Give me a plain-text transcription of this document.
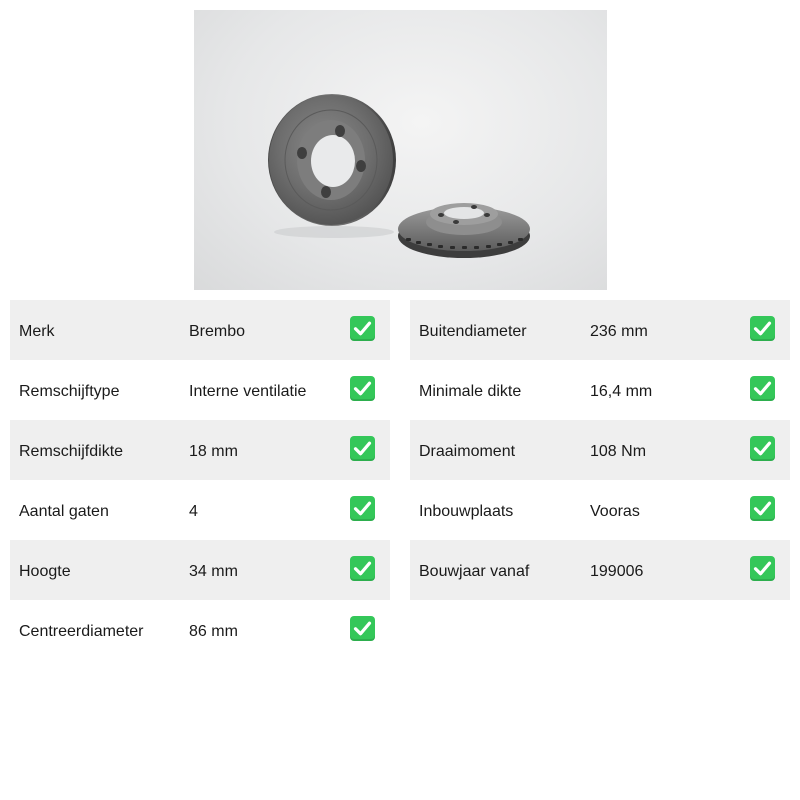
Merk	Brembo
Remschijftype	Interne ventilatie
Remschijfdikte	18 mm
Aantal gaten	4
Hoogte	34 mm
Centreerdiameter	86 mm
Buitendiameter	236 mm
Minimale dikte	16,4 mm
Draaimoment	108 Nm
Inbouwplaats	Vooras
Bouwjaar vanaf	199006
